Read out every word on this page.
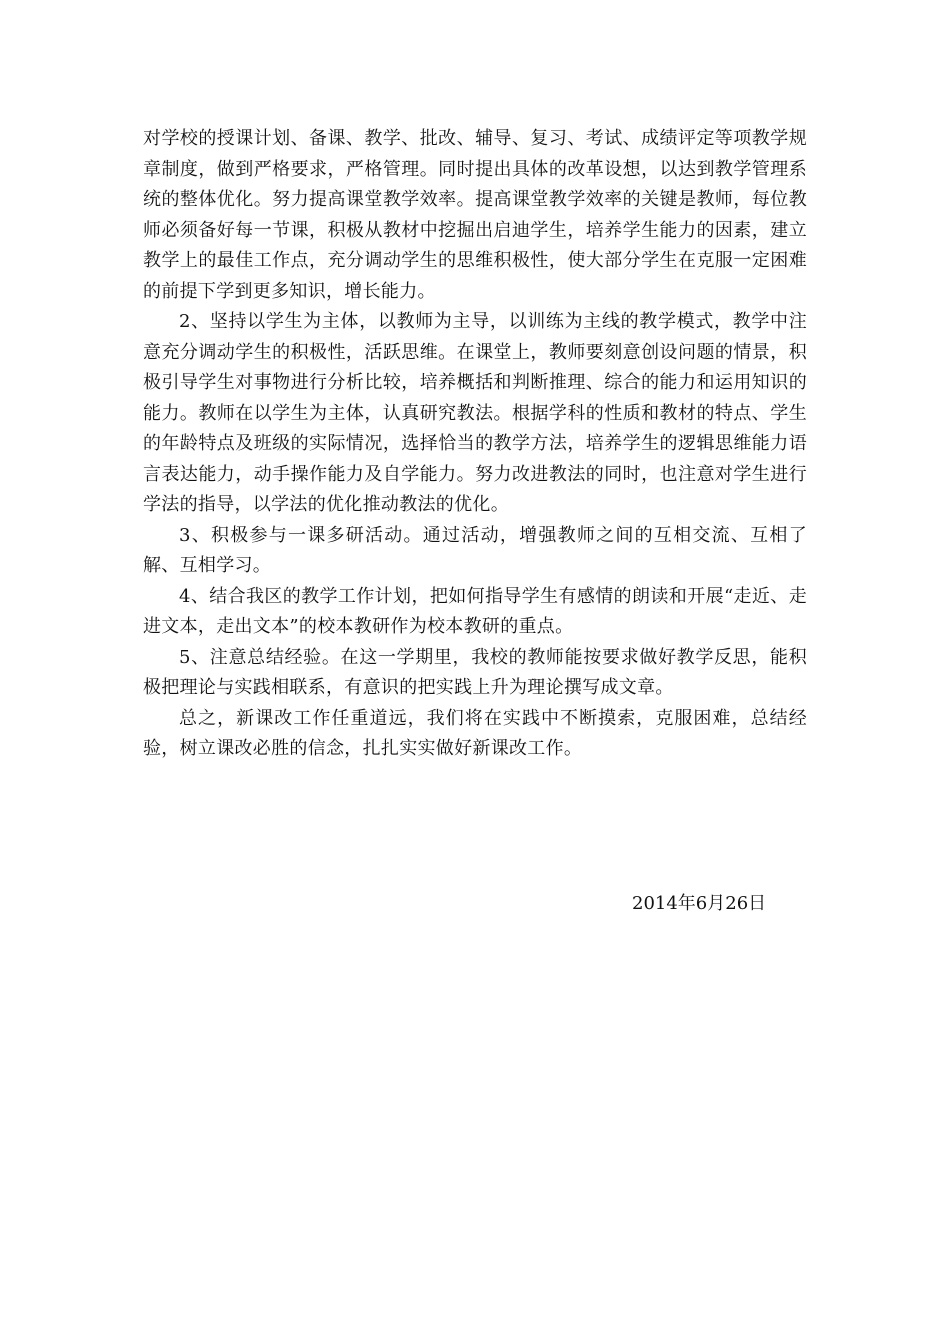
对学校的授课计划、备课、教学、批改、辅导、复习、考试、成绩评定等项教学规章制度，做到严格要求，严格管理。同时提出具体的改革设想，以达到教学管理系统的整体优化。努力提高课堂教学效率。提高课堂教学效率的关键是教师，每位教师必须备好每一节课，积极从教材中挖掘出启迪学生，培养学生能力的因素，建立教学上的最佳工作点，充分调动学生的思维积极性，使大部分学生在克服一定困难的前提下学到更多知识，增长能力。

2、坚持以学生为主体，以教师为主导，以训练为主线的教学模式，教学中注意充分调动学生的积极性，活跃思维。在课堂上，教师要刻意创设问题的情景，积极引导学生对事物进行分析比较，培养概括和判断推理、综合的能力和运用知识的能力。教师在以学生为主体，认真研究教法。根据学科的性质和教材的特点、学生的年龄特点及班级的实际情况，选择恰当的教学方法，培养学生的逻辑思维能力语言表达能力，动手操作能力及自学能力。努力改进教法的同时，也注意对学生进行学法的指导，以学法的优化推动教法的优化。

3、积极参与一课多研活动。通过活动，增强教师之间的互相交流、互相了解、互相学习。

4、结合我区的教学工作计划，把如何指导学生有感情的朗读和开展“走近、走进文本，走出文本”的校本教研作为校本教研的重点。

5、注意总结经验。在这一学期里，我校的教师能按要求做好教学反思，能积极把理论与实践相联系，有意识的把实践上升为理论撰写成文章。

总之，新课改工作任重道远，我们将在实践中不断摸索，克服困难，总结经验，树立课改必胜的信念，扎扎实实做好新课改工作。

2014年6月26日
